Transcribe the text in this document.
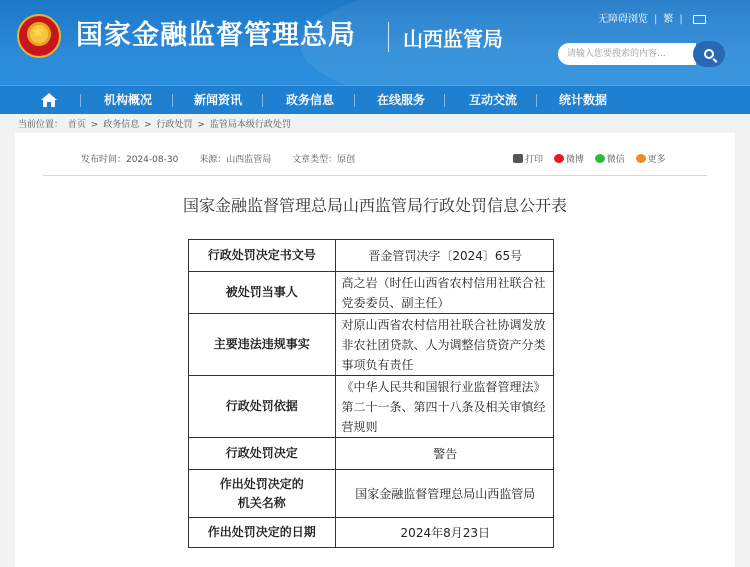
★ 国家金融监督管理总局 山西监管局
无障碍浏览 | 繁 |
请输入您要搜索的内容...
机构概况	新闻资讯	政务信息	在线服务	互动交流	统计数据
当前位置： 首页 > 政务信息 > 行政处罚 > 监管局本级行政处罚
发布时间：2024-08-30 来源：山西监管局 文章类型：原创	打印	微博	微信	更多
国家金融监督管理总局山西监管局行政处罚信息公开表
行政处罚决定书文号	晋金管罚决字〔2024〕65号
被处罚当事人	高之岩（时任山西省农村信用社联合社党委委员、副主任）
主要违法违规事实	对原山西省农村信用社联合社协调发放非农社团贷款、人为调整信贷资产分类事项负有责任
行政处罚依据	《中华人民共和国银行业监督管理法》第二十一条、第四十八条及相关审慎经营规则
行政处罚决定	警告
作出处罚决定的
机关名称	国家金融监督管理总局山西监管局
作出处罚决定的日期	2024年8月23日
